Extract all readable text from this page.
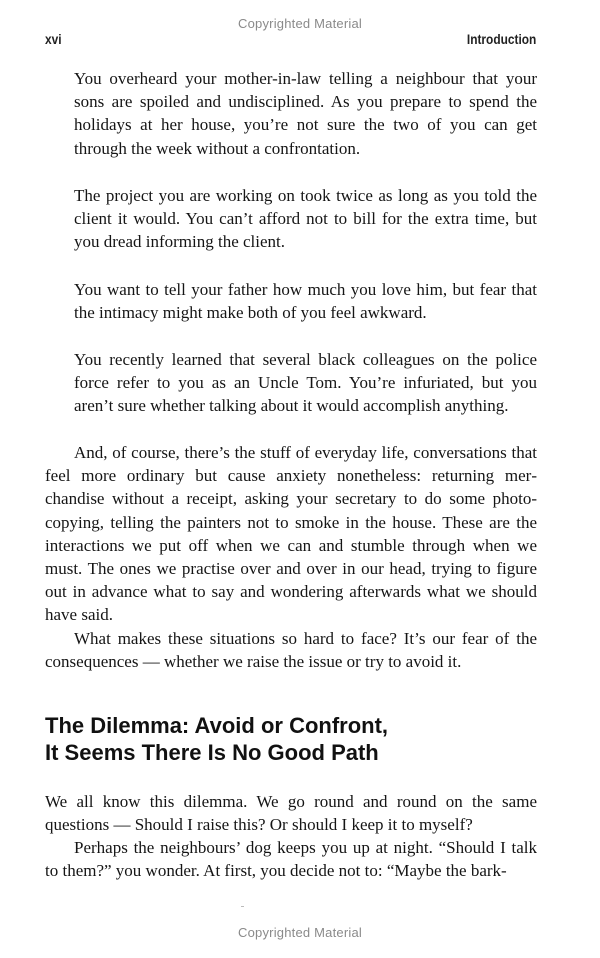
Copyrighted Material
xvi	Introduction

You overheard your mother-in-law telling a neighbour that your sons are spoiled and undisciplined. As you prepare to spend the holidays at her house, you’re not sure the two of you can get through the week without a confrontation.

The project you are working on took twice as long as you told the client it would. You can’t afford not to bill for the extra time, but you dread informing the client.

You want to tell your father how much you love him, but fear that the intimacy might make both of you feel awkward.

You recently learned that several black colleagues on the police force refer to you as an Uncle Tom. You’re infuriated, but you aren’t sure whether talking about it would accomplish anything.

And, of course, there’s the stuff of everyday life, conversations that feel more ordinary but cause anxiety nonetheless: returning merchandise without a receipt, asking your secretary to do some photocopying, telling the painters not to smoke in the house. These are the interactions we put off when we can and stumble through when we must. The ones we practise over and over in our head, trying to figure out in advance what to say and wondering afterwards what we should have said.

What makes these situations so hard to face? It’s our fear of the consequences — whether we raise the issue or try to avoid it.

The Dilemma: Avoid or Confront,
It Seems There Is No Good Path

We all know this dilemma. We go round and round on the same questions — Should I raise this? Or should I keep it to myself?

Perhaps the neighbours’ dog keeps you up at night. “Should I talk to them?” you wonder. At first, you decide not to: “Maybe the bark-

Copyrighted Material
